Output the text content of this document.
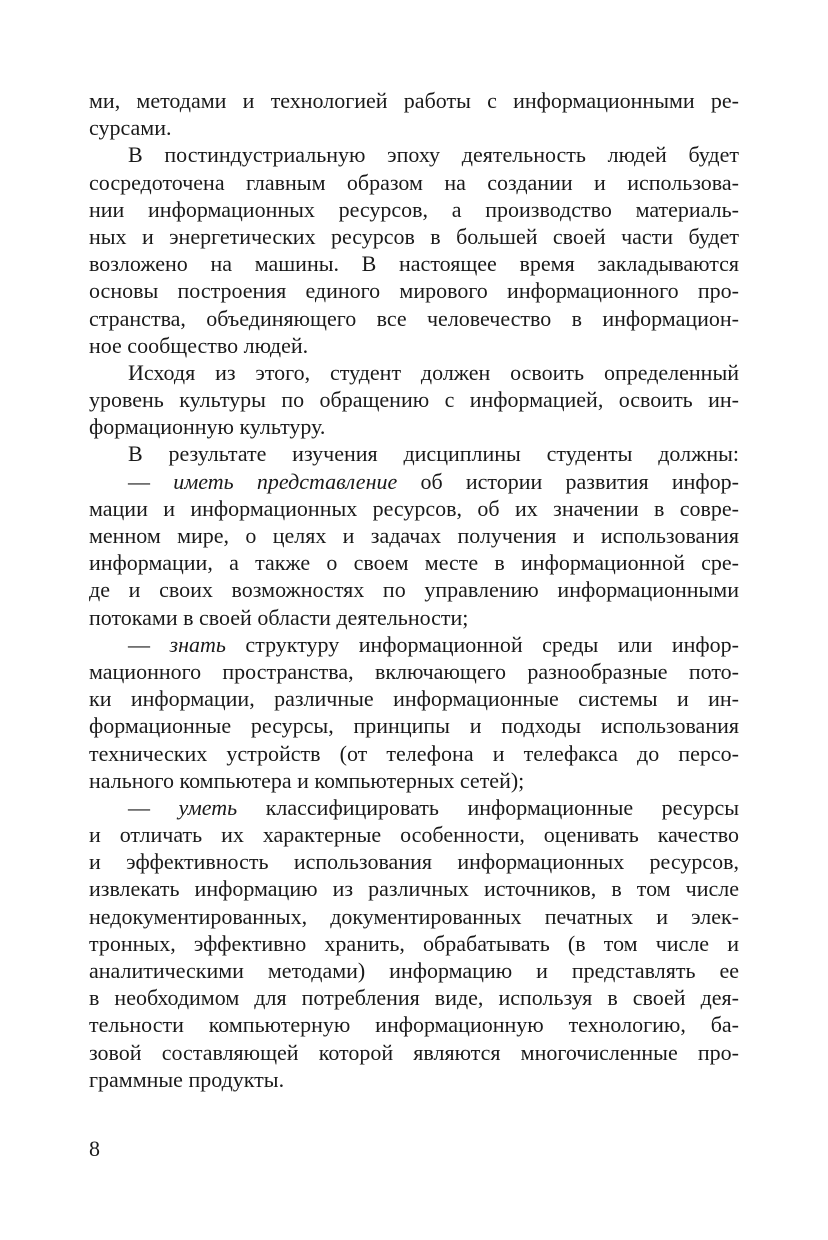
ми, методами и технологией работы с информационными ре-
сурсами.
В постиндустриальную эпоху деятельность людей будет
сосредоточена главным образом на создании и использова-
нии информационных ресурсов, а производство материаль-
ных и энергетических ресурсов в большей своей части будет
возложено на машины. В настоящее время закладываются
основы построения единого мирового информационного про-
странства, объединяющего все человечество в информацион-
ное сообщество людей.
Исходя из этого, студент должен освоить определенный
уровень культуры по обращению с информацией, освоить ин-
формационную культуру.
В результате изучения дисциплины студенты должны:
— иметь представление об истории развития инфор-
мации и информационных ресурсов, об их значении в совре-
менном мире, о целях и задачах получения и использования
информации, а также о своем месте в информационной сре-
де и своих возможностях по управлению информационными
потоками в своей области деятельности;
— знать структуру информационной среды или инфор-
мационного пространства, включающего разнообразные пото-
ки информации, различные информационные системы и ин-
формационные ресурсы, принципы и подходы использования
технических устройств (от телефона и телефакса до персо-
нального компьютера и компьютерных сетей);
— уметь классифицировать информационные ресурсы
и отличать их характерные особенности, оценивать качество
и эффективность использования информационных ресурсов,
извлекать информацию из различных источников, в том числе
недокументированных, документированных печатных и элек-
тронных, эффективно хранить, обрабатывать (в том числе и
аналитическими методами) информацию и представлять ее
в необходимом для потребления виде, используя в своей дея-
тельности компьютерную информационную технологию, ба-
зовой составляющей которой являются многочисленные про-
граммные продукты.
8
